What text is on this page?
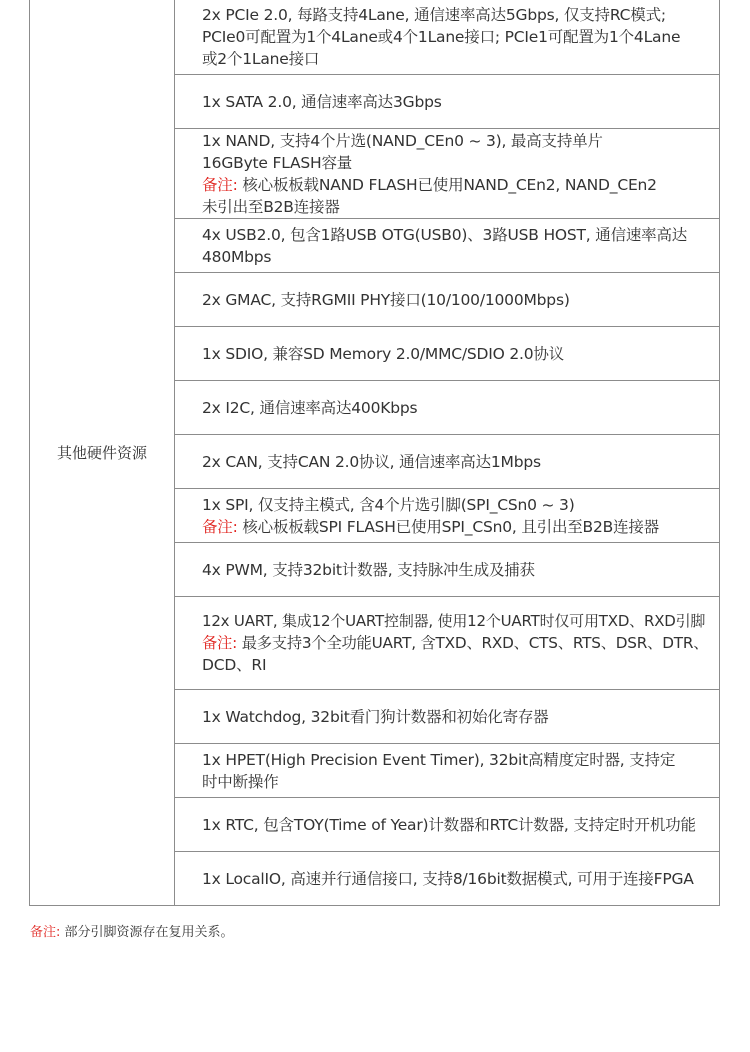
其他硬件资源	
2x PCIe 2.0, 每路支持4Lane, 通信速率高达5Gbps, 仅支持RC模式;
PCIe0可配置为1个4Lane或4个1Lane接口; PCIe1可配置为1个4Lane
或2个1Lane接口

1x SATA 2.0, 通信速率高达3Gbps

1x NAND, 支持4个片选(NAND_CEn0 ~ 3), 最高支持单片
16GByte FLASH容量
备注: 核心板板载NAND FLASH已使用NAND_CEn2, NAND_CEn2
未引出至B2B连接器

4x USB2.0, 包含1路USB OTG(USB0)、3路USB HOST, 通信速率高达
480Mbps

2x GMAC, 支持RGMII PHY接口(10/100/1000Mbps)

1x SDIO, 兼容SD Memory 2.0/MMC/SDIO 2.0协议

2x I2C, 通信速率高达400Kbps

2x CAN, 支持CAN 2.0协议, 通信速率高达1Mbps

1x SPI, 仅支持主模式, 含4个片选引脚(SPI_CSn0 ~ 3)
备注: 核心板板载SPI FLASH已使用SPI_CSn0, 且引出至B2B连接器

4x PWM, 支持32bit计数器, 支持脉冲生成及捕获

12x UART, 集成12个UART控制器, 使用12个UART时仅可用TXD、RXD引脚
备注: 最多支持3个全功能UART, 含TXD、RXD、CTS、RTS、DSR、DTR、
DCD、RI

1x Watchdog, 32bit看门狗计数器和初始化寄存器

1x HPET(High Precision Event Timer), 32bit高精度定时器, 支持定
时中断操作

1x RTC, 包含TOY(Time of Year)计数器和RTC计数器, 支持定时开机功能

1x LocalIO, 高速并行通信接口, 支持8/16bit数据模式, 可用于连接FPGA
备注: 部分引脚资源存在复用关系。
